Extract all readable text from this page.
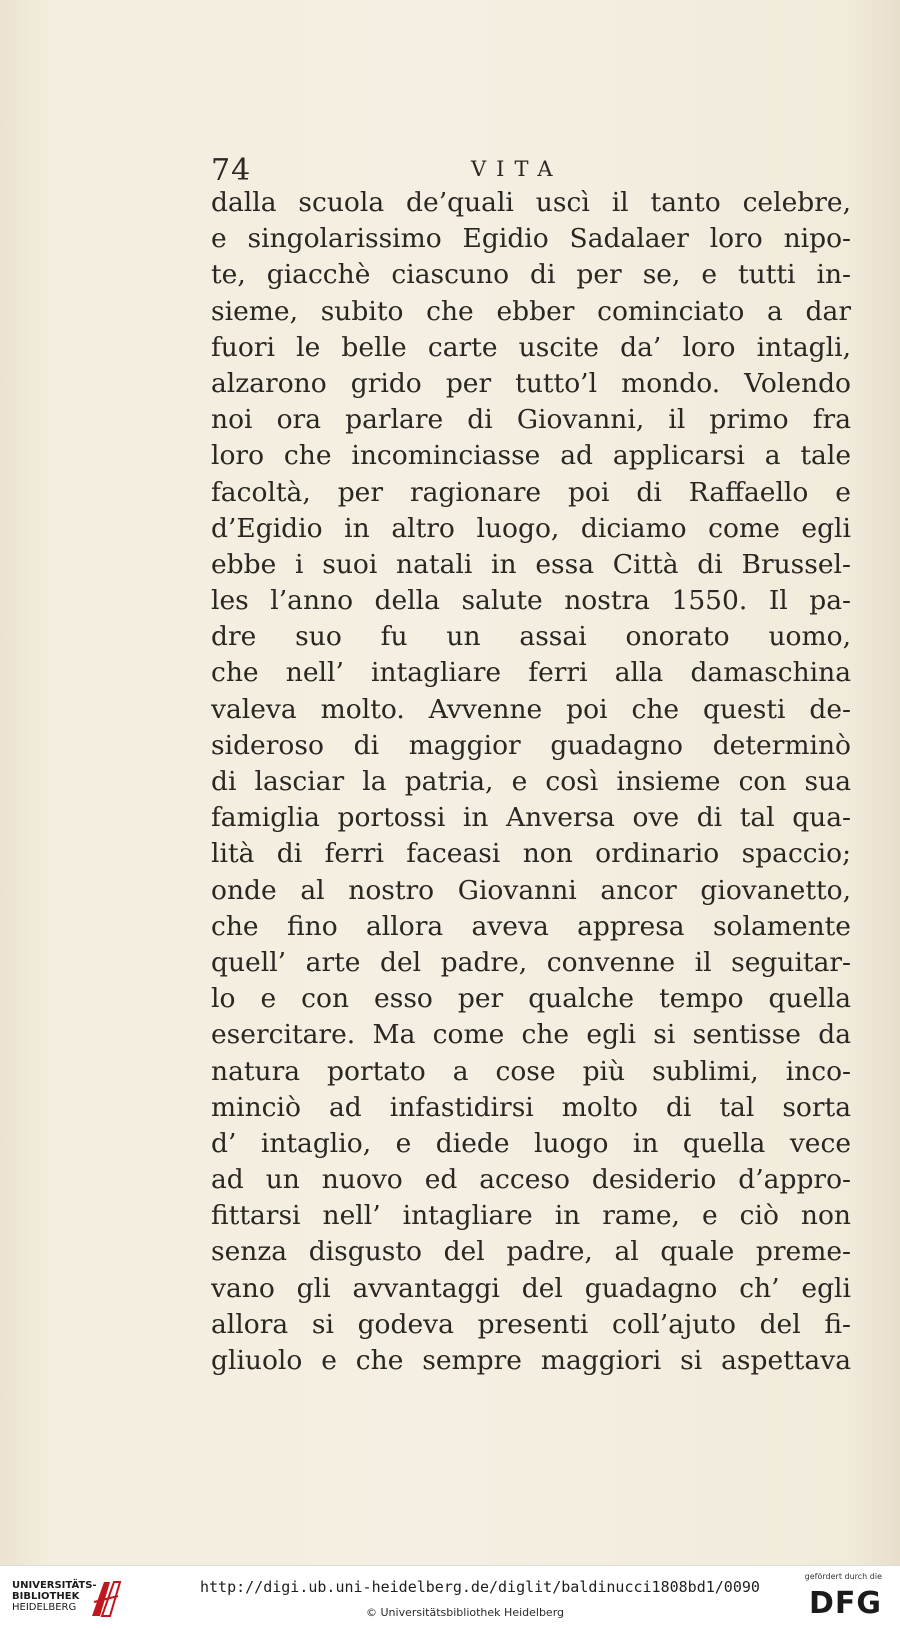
74	VITA
dalla scuola de’quali uscì il tanto celebre,
e singolarissimo Egidio Sadalaer loro nipo-
te, giacchè ciascuno di per se, e tutti in-
sieme, subito che ebber cominciato a dar
fuori le belle carte uscite da’ loro intagli,
alzarono grido per tutto’l mondo. Volendo
noi ora parlare di Giovanni, il primo fra
loro che incominciasse ad applicarsi a tale
facoltà, per ragionare poi di Raffaello e
d’Egidio in altro luogo, diciamo come egli
ebbe i suoi natali in essa Città di Brussel-
les l’anno della salute nostra 1550. Il pa-
dre suo fu un assai onorato uomo,
che nell’ intagliare ferri alla damaschina
valeva molto. Avvenne poi che questi de-
sideroso di maggior guadagno determinò
di lasciar la patria, e così insieme con sua
famiglia portossi in Anversa ove di tal qua-
lità di ferri faceasi non ordinario spaccio;
onde al nostro Giovanni ancor giovanetto,
che fino allora aveva appresa solamente
quell’ arte del padre, convenne il seguitar-
lo e con esso per qualche tempo quella
esercitare. Ma come che egli si sentisse da
natura portato a cose più sublimi, inco-
minciò ad infastidirsi molto di tal sorta
d’ intaglio, e diede luogo in quella vece
ad un nuovo ed acceso desiderio d’appro-
fittarsi nell’ intagliare in rame, e ciò non
senza disgusto del padre, al quale preme-
vano gli avvantaggi del guadagno ch’ egli
allora si godeva presenti coll’ajuto del fi-
gliuolo e che sempre maggiori si aspettava
UNIVERSITÄTS-
BIBLIOTHEK
HEIDELBERG
http://digi.ub.uni-heidelberg.de/diglit/baldinucci1808bd1/0090
© Universitätsbibliothek Heidelberg
gefördert durch die
DFG
